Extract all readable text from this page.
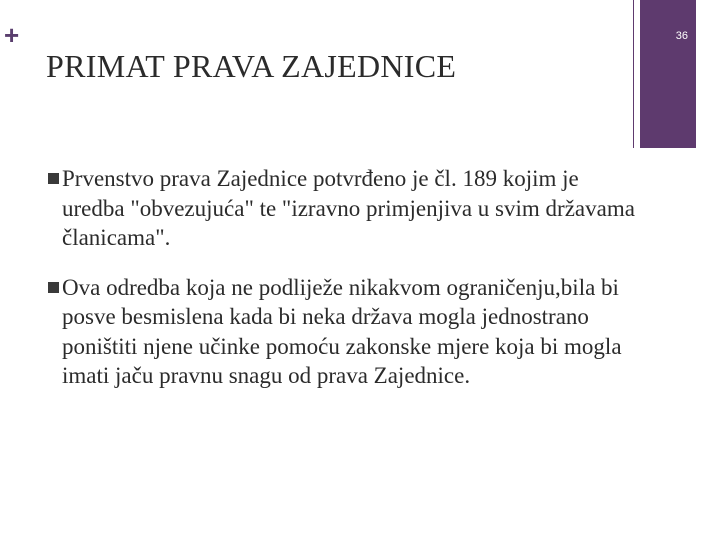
+	36
PRIMAT PRAVA ZAJEDNICE
Prvenstvo prava Zajednice potvrđeno je čl. 189 kojim je uredba "obvezujuća" te "izravno primjenjiva u svim državama članicama".
Ova odredba koja ne podliježe nikakvom ograničenju,bila bi posve besmislena kada bi neka država mogla jednostrano poništiti njene učinke pomoću zakonske mjere koja bi mogla imati jaču pravnu snagu od prava Zajednice.
